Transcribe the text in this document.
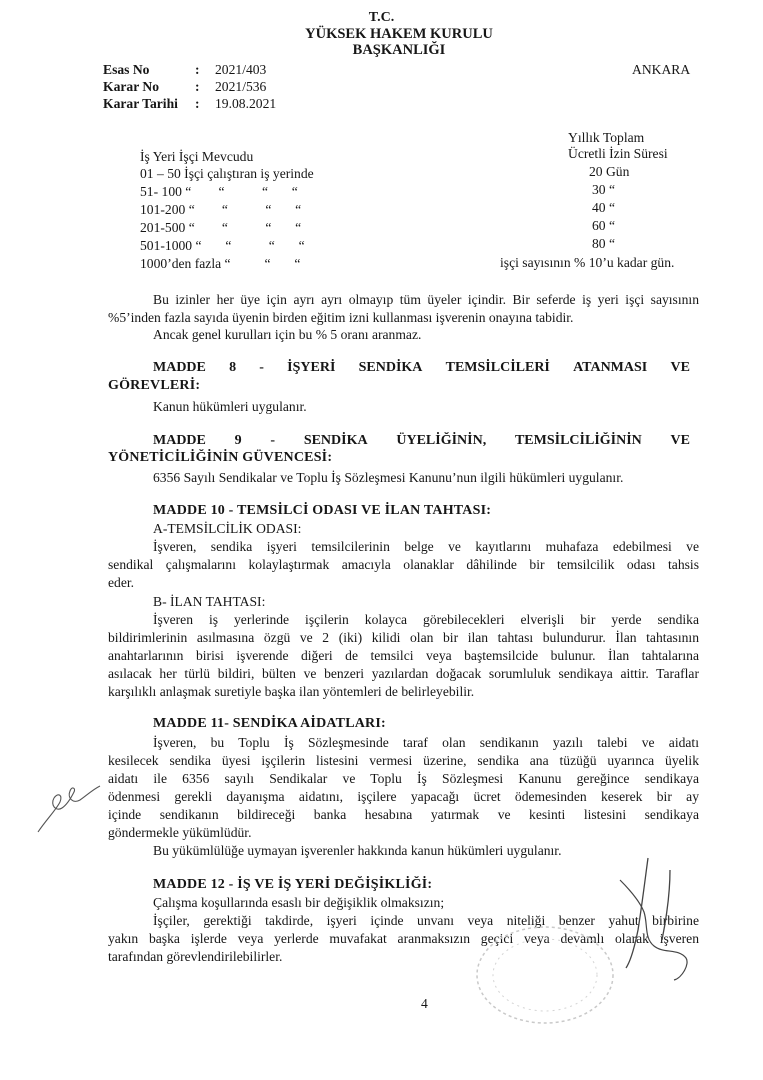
T.C.
YÜKSEK HAKEM KURULU
BAŞKANLIĞI
Esas No	: 2021/403
Karar No	: 2021/536
Karar Tarihi : 19.08.2021
ANKARA
Yıllık Toplam
Ücretli İzin Süresi
İş Yeri İşçi Mevcudu
01 – 50 İşçi çalıştıran iş yerinde	20 Gün
51- 100 “        “           “       “	30 “
101-200 “        “           “       “	40 “
201-500 “        “           “       “	60 “
501-1000 “       “           “       “	80 “
1000’den fazla “          “       “	işçi sayısının % 10’u kadar gün.
Bu izinler her üye için ayrı ayrı olmayıp tüm üyeler içindir. Bir seferde iş yeri işçi sayısının
%5’inden fazla sayıda üyenin birden eğitim izni kullanması işverenin onayına tabidir.
Ancak genel kurulları için bu % 5 oranı aranmaz.
MADDE 8 - İŞYERİ SENDİKA TEMSİLCİLERİ ATANMASI VE
GÖREVLERİ:
Kanun hükümleri uygulanır.
MADDE 9 - SENDİKA ÜYELİĞİNİN, TEMSİLCİLİĞİNİN VE
YÖNETİCİLİĞİNİN GÜVENCESİ:
6356 Sayılı Sendikalar ve Toplu İş Sözleşmesi Kanunu’nun ilgili hükümleri uygulanır.
MADDE 10 - TEMSİLCİ ODASI VE İLAN TAHTASI:
A-TEMSİLCİLİK ODASI:
İşveren, sendika işyeri temsilcilerinin belge ve kayıtlarını muhafaza edebilmesi ve
sendikal çalışmalarını kolaylaştırmak amacıyla olanaklar dâhilinde bir temsilcilik odası tahsis
eder.
B- İLAN TAHTASI:
İşveren iş yerlerinde işçilerin kolayca görebilecekleri elverişli bir yerde sendika
bildirimlerinin asılmasına özgü ve 2 (iki) kilidi olan bir ilan tahtası bulundurur. İlan tahtasının
anahtarlarının birisi işverende diğeri de temsilci veya baştemsilcide bulunur. İlan tahtalarına
asılacak her türlü bildiri, bülten ve benzeri yazılardan doğacak sorumluluk sendikaya aittir. Taraflar
karşılıklı anlaşmak suretiyle başka ilan yöntemleri de belirleyebilir.
MADDE 11- SENDİKA AİDATLARI:
İşveren, bu Toplu İş Sözleşmesinde taraf olan sendikanın yazılı talebi ve aidatı
kesilecek sendika üyesi işçilerin listesini vermesi üzerine, sendika ana tüzüğü uyarınca üyelik
aidatı ile 6356 sayılı Sendikalar ve Toplu İş Sözleşmesi Kanunu gereğince sendikaya
ödenmesi gerekli dayanışma aidatını, işçilere yapacağı ücret ödemesinden keserek bir ay
içinde sendikanın bildireceği banka hesabına yatırmak ve kesinti listesini sendikaya
göndermekle yükümlüdür.
Bu yükümlülüğe uymayan işverenler hakkında kanun hükümleri uygulanır.
MADDE 12 - İŞ VE İŞ YERİ DEĞİŞİKLİĞİ:
Çalışma koşullarında esaslı bir değişiklik olmaksızın;
İşçiler, gerektiği takdirde, işyeri içinde unvanı veya niteliği benzer yahut birbirine
yakın başka işlerde veya yerlerde muvafakat aranmaksızın geçici veya devamlı olarak işveren
tarafından görevlendirilebilirler.
4
